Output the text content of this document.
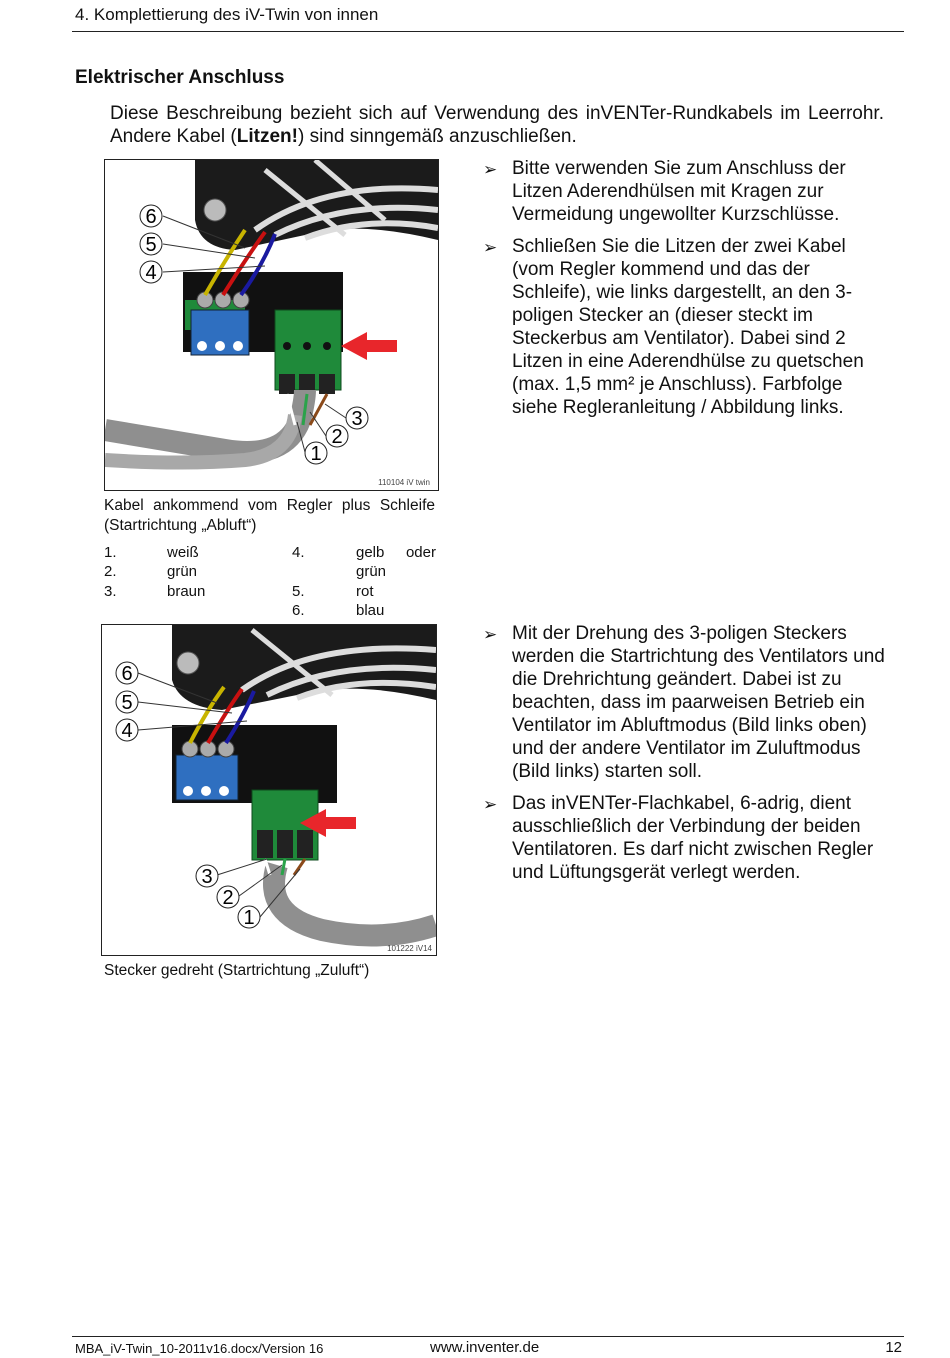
4. Komplettierung des iV-Twin von innen
Elektrischer Anschluss
Diese Beschreibung bezieht sich auf Verwendung des inVENTer-Rundkabels im Leerrohr. Andere Kabel (Litzen!) sind sinngemäß anzuschließen.
6
5
4
3
2
1
110104 iV twin
Kabel ankommend vom Regler plus Schleife (Startrichtung „Abluft“)
1.	weiß
2.	grün
3.	braun
4.	gelb oder
grün
5.	rot
6.	blau
6
5
4
3
2
1
101222 iV14
Stecker gedreht (Startrichtung „Zuluft“)
➢ Bitte verwenden Sie zum Anschluss der Litzen Aderendhülsen mit Kragen zur Vermeidung ungewollter Kurzschlüsse.
➢ Schließen Sie die Litzen der zwei Kabel (vom Regler kommend und das der Schleife), wie links dargestellt, an den 3-poligen Stecker an (dieser steckt im Steckerbus am Ventilator). Dabei sind 2 Litzen in eine Aderendhülse zu quetschen (max. 1,5 mm² je Anschluss). Farbfolge siehe Regleranleitung / Abbildung links.
➢ Mit der Drehung des 3-poligen Steckers werden die Startrichtung des Ventilators und die Drehrichtung geändert. Dabei ist zu beachten, dass im paarweisen Betrieb ein Ventilator im Abluftmodus (Bild links oben) und der andere Ventilator im Zuluftmodus (Bild links) starten soll.
➢ Das inVENTer-Flachkabel, 6-adrig, dient ausschließlich der Verbindung der beiden Ventilatoren. Es darf nicht zwischen Regler und Lüftungsgerät verlegt werden.
MBA_iV-Twin_10-2011v16.docx/Version 16	www.inventer.de	12
